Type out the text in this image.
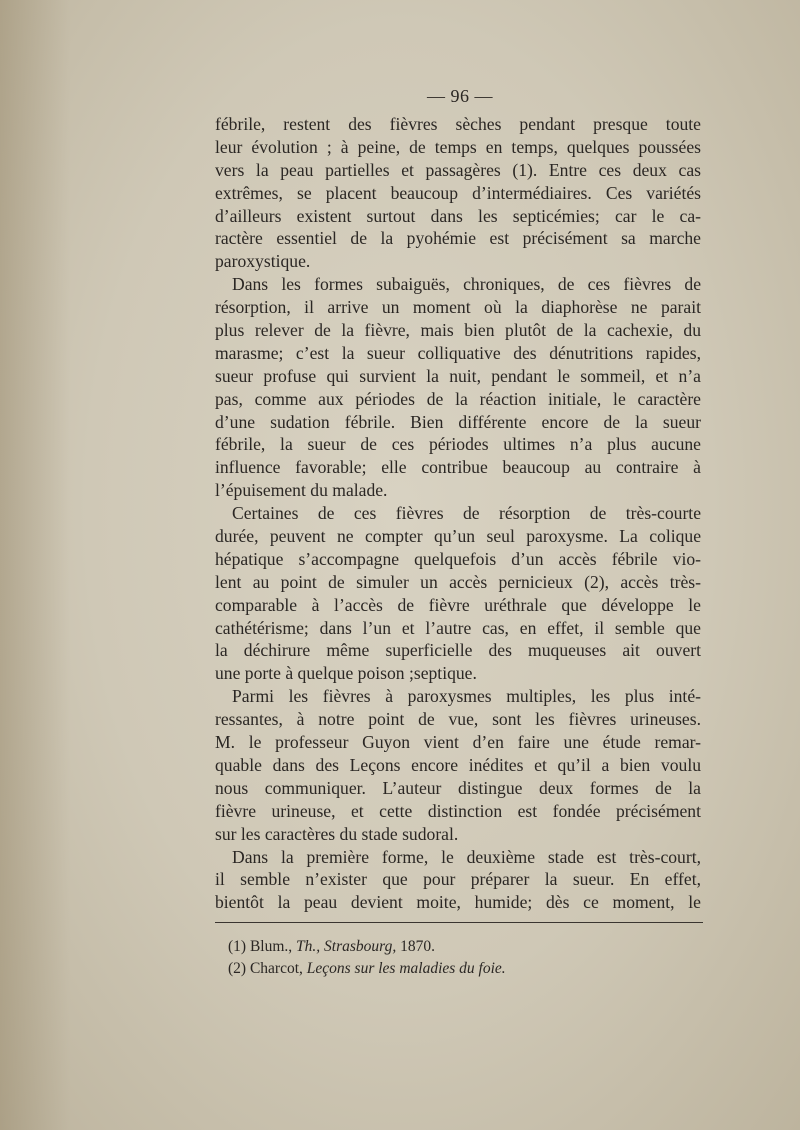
— 96 —
fébrile, restent des fièvres sèches pendant presque toute
leur évolution ; à peine, de temps en temps, quelques poussées
vers la peau partielles et passagères (1). Entre ces deux cas
extrêmes, se placent beaucoup d’intermédiaires. Ces variétés
d’ailleurs existent surtout dans les septicémies; car le ca-
ractère essentiel de la pyohémie est précisément sa marche
paroxystique.
Dans les formes subaiguës, chroniques, de ces fièvres de
résorption, il arrive un moment où la diaphorèse ne parait
plus relever de la fièvre, mais bien plutôt de la cachexie, du
marasme; c’est la sueur colliquative des dénutritions rapides,
sueur profuse qui survient la nuit, pendant le sommeil, et n’a
pas, comme aux périodes de la réaction initiale, le caractère
d’une sudation fébrile. Bien différente encore de la sueur
fébrile, la sueur de ces périodes ultimes n’a plus aucune
influence favorable; elle contribue beaucoup au contraire à
l’épuisement du malade.
Certaines de ces fièvres de résorption de très-courte
durée, peuvent ne compter qu’un seul paroxysme. La colique
hépatique s’accompagne quelquefois d’un accès fébrile vio-
lent au point de simuler un accès pernicieux (2), accès très-
comparable à l’accès de fièvre uréthrale que développe le
cathétérisme; dans l’un et l’autre cas, en effet, il semble que
la déchirure même superficielle des muqueuses ait ouvert
une porte à quelque poison ;septique.
Parmi les fièvres à paroxysmes multiples, les plus inté-
ressantes, à notre point de vue, sont les fièvres urineuses.
M. le professeur Guyon vient d’en faire une étude remar-
quable dans des Leçons encore inédites et qu’il a bien voulu
nous communiquer. L’auteur distingue deux formes de la
fièvre urineuse, et cette distinction est fondée précisément
sur les caractères du stade sudoral.
Dans la première forme, le deuxième stade est très-court,
il semble n’exister que pour préparer la sueur. En effet,
bientôt la peau devient moite, humide; dès ce moment, le
(1) Blum., Th., Strasbourg, 1870.
(2) Charcot, Leçons sur les maladies du foie.
